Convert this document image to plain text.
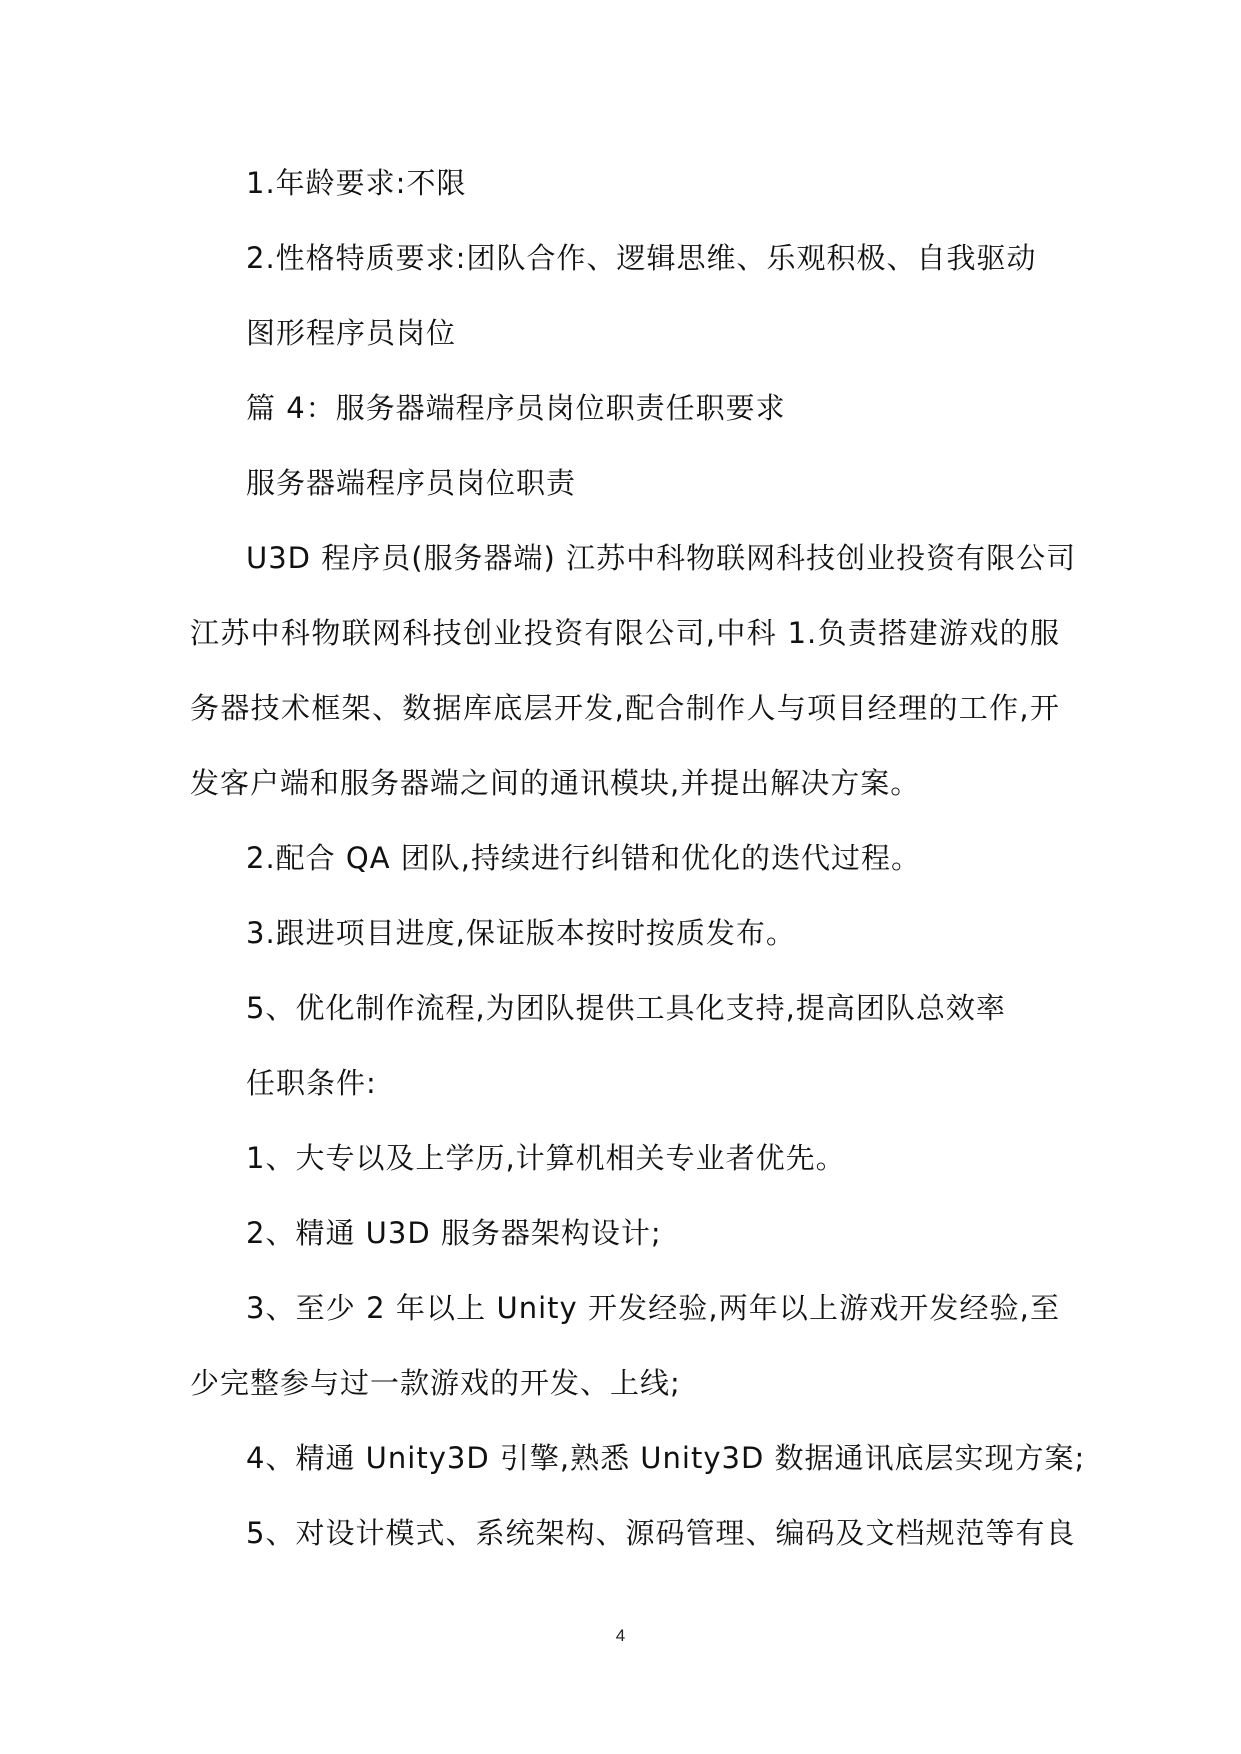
1.年龄要求:不限

2.性格特质要求:团队合作、逻辑思维、乐观积极、自我驱动

图形程序员岗位

篇 4：服务器端程序员岗位职责任职要求

服务器端程序员岗位职责

U3D 程序员(服务器端) 江苏中科物联网科技创业投资有限公司

江苏中科物联网科技创业投资有限公司,中科 1.负责搭建游戏的服务器技术框架、数据库底层开发,配合制作人与项目经理的工作,开发客户端和服务器端之间的通讯模块,并提出解决方案。

2.配合 QA 团队,持续进行纠错和优化的迭代过程。

3.跟进项目进度,保证版本按时按质发布。

5、优化制作流程,为团队提供工具化支持,提高团队总效率

任职条件:

1、大专以及上学历,计算机相关专业者优先。

2、精通 U3D 服务器架构设计;

3、至少 2 年以上 Unity 开发经验,两年以上游戏开发经验,至少完整参与过一款游戏的开发、上线;

4、精通 Unity3D 引擎,熟悉 Unity3D 数据通讯底层实现方案;

5、对设计模式、系统架构、源码管理、编码及文档规范等有良

4
